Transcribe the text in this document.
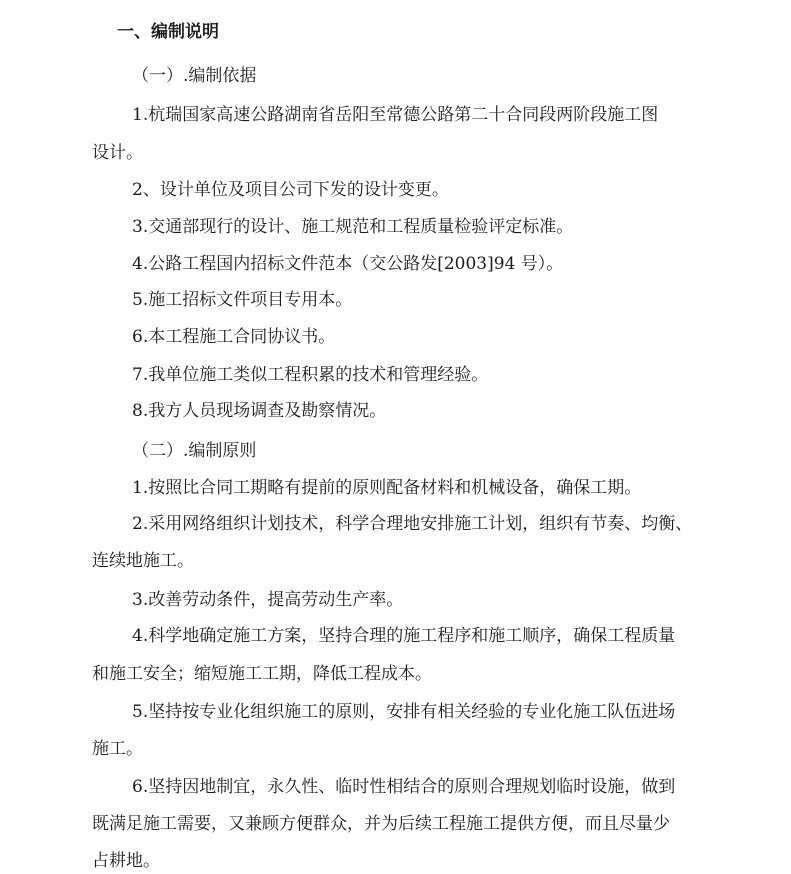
一、编制说明
（一）.编制依据
1.杭瑞国家高速公路湖南省岳阳至常德公路第二十合同段两阶段施工图
设计。
2、设计单位及项目公司下发的设计变更。
3.交通部现行的设计、施工规范和工程质量检验评定标准。
4.公路工程国内招标文件范本（交公路发[2003]94 号）。
5.施工招标文件项目专用本。
6.本工程施工合同协议书。
7.我单位施工类似工程积累的技术和管理经验。
8.我方人员现场调查及勘察情况。
（二）.编制原则
1.按照比合同工期略有提前的原则配备材料和机械设备，确保工期。
2.采用网络组织计划技术，科学合理地安排施工计划，组织有节奏、均衡、
连续地施工。
3.改善劳动条件，提高劳动生产率。
4.科学地确定施工方案，坚持合理的施工程序和施工顺序，确保工程质量
和施工安全；缩短施工工期，降低工程成本。
5.坚持按专业化组织施工的原则，安排有相关经验的专业化施工队伍进场
施工。
6.坚持因地制宜，永久性、临时性相结合的原则合理规划临时设施，做到
既满足施工需要，又兼顾方便群众，并为后续工程施工提供方便，而且尽量少
占耕地。
